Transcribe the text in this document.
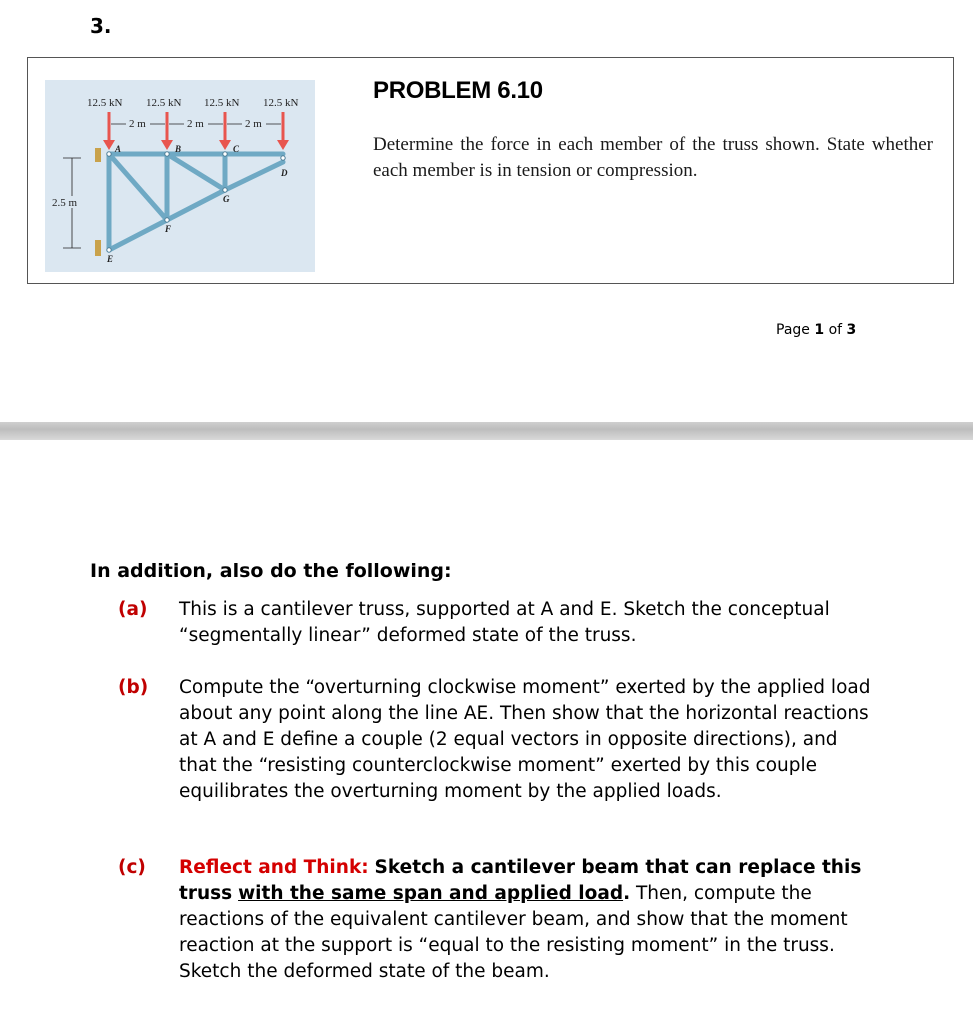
3.
12.5 kN 12.5 kN 12.5 kN 12.5 kN
2 m	2 m	2 m
2.5 m
A	B	C
D
E
F
G
PROBLEM 6.10
Determine the force in each member of the truss shown. State whether each member is in tension or compression.
Page 1 of 3
In addition, also do the following:
(a) This is a cantilever truss, supported at A and E. Sketch the conceptual “segmentally linear” deformed state of the truss.
(b) Compute the “overturning clockwise moment” exerted by the applied load about any point along the line AE. Then show that the horizontal reactions at A and E define a couple (2 equal vectors in opposite directions), and that the “resisting counterclockwise moment” exerted by this couple equilibrates the overturning moment by the applied loads.
(c) Reflect and Think: Sketch a cantilever beam that can replace this truss with the same span and applied load. Then, compute the reactions of the equivalent cantilever beam, and show that the moment reaction at the support is “equal to the resisting moment” in the truss. Sketch the deformed state of the beam.
